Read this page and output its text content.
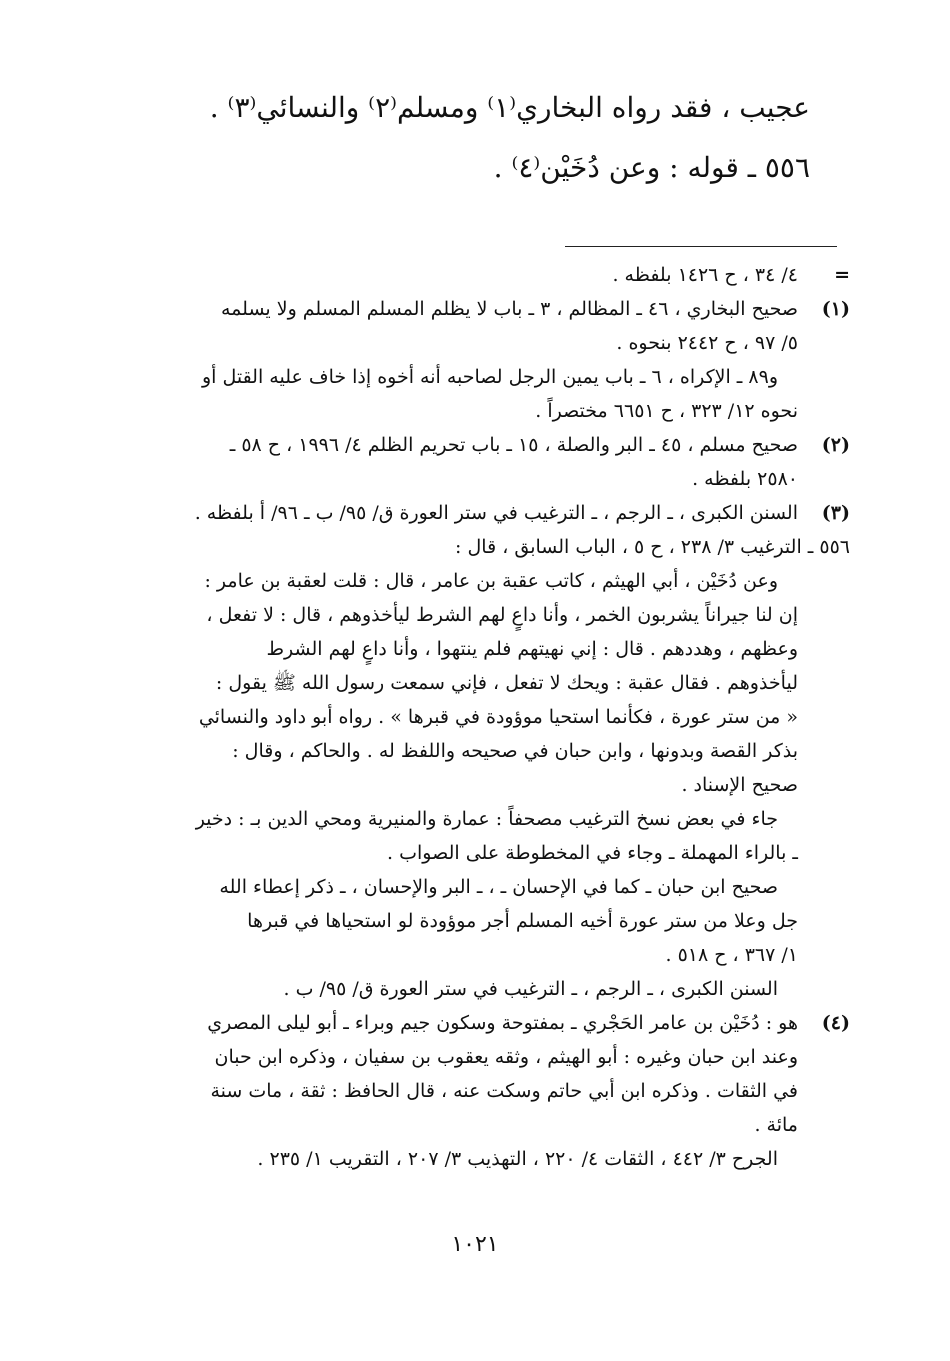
عجيب ، فقد رواه البخاري⁽١⁾ ومسلم⁽٢⁾ والنسائي⁽٣⁾ .
٥٥٦ ـ قوله : وعن دُخَيْن⁽٤⁾ .
=
٤/ ٣٤ ، ح ١٤٢٦ بلفظه .
(١)
صحيح البخاري ، ٤٦ ـ المظالم ، ٣ ـ باب لا يظلم المسلم المسلم ولا يسلمه
٥/ ٩٧ ، ح ٢٤٤٢ بنحوه .
و٨٩ ـ الإكراه ، ٦ ـ باب يمين الرجل لصاحبه أنه أخوه إذا خاف عليه القتل أو
نحوه ١٢/ ٣٢٣ ، ح ٦٦٥١ مختصراً .
(٢)
صحيح مسلم ، ٤٥ ـ البر والصلة ، ١٥ ـ باب تحريم الظلم ٤/ ١٩٩٦ ، ح ٥٨ ـ
٢٥٨٠ بلفظه .
(٣)
السنن الكبرى ، ـ الرجم ، ـ الترغيب في ستر العورة ق/ ٩٥/ ب ـ ٩٦/ أ بلفظه .
٥٥٦ ـ الترغيب ٣/ ٢٣٨ ، ح ٥ ، الباب السابق ، قال :
وعن دُخَيْن ، أبي الهيثم ، كاتب عقبة بن عامر ، قال : قلت لعقبة بن عامر :
إن لنا جيراناً يشربون الخمر ، وأنا داعٍ لهم الشرط ليأخذوهم ، قال : لا تفعل ،
وعظهم ، وهددهم . قال : إني نهيتهم فلم ينتهوا ، وأنا داعٍ لهم الشرط
ليأخذوهم . فقال عقبة : ويحك لا تفعل ، فإني سمعت رسول الله ﷺ يقول :
« من ستر عورة ، فكأنما استحيا موؤودة في قبرها » . رواه أبو داود والنسائي
بذكر القصة وبدونها ، وابن حبان في صحيحه واللفظ له . والحاكم ، وقال :
صحيح الإسناد .
جاء في بعض نسخ الترغيب مصحفاً : عمارة والمنيرية ومحي الدين بـ : دخير
ـ بالراء المهملة ـ وجاء في المخطوطة على الصواب .
صحيح ابن حبان ـ كما في الإحسان ـ ، ـ البر والإحسان ، ـ ذكر إعطاء الله
جل وعلا من ستر عورة أخيه المسلم أجر موؤودة لو استحياها في قبرها
١/ ٣٦٧ ، ح ٥١٨ .
السنن الكبرى ، ـ الرجم ، ـ الترغيب في ستر العورة ق/ ٩٥/ ب .
(٤)
هو : دُخَيْن بن عامر الحَجْري ـ بمفتوحة وسكون جيم وبراء ـ أبو ليلى المصري
وعند ابن حبان وغيره : أبو الهيثم ، وثقه يعقوب بن سفيان ، وذكره ابن حبان
في الثقات . وذكره ابن أبي حاتم وسكت عنه ، قال الحافظ : ثقة ، مات سنة
مائة .
الجرح ٣/ ٤٤٢ ، الثقات ٤/ ٢٢٠ ، التهذيب ٣/ ٢٠٧ ، التقريب ١/ ٢٣٥ .
١٠٢١
